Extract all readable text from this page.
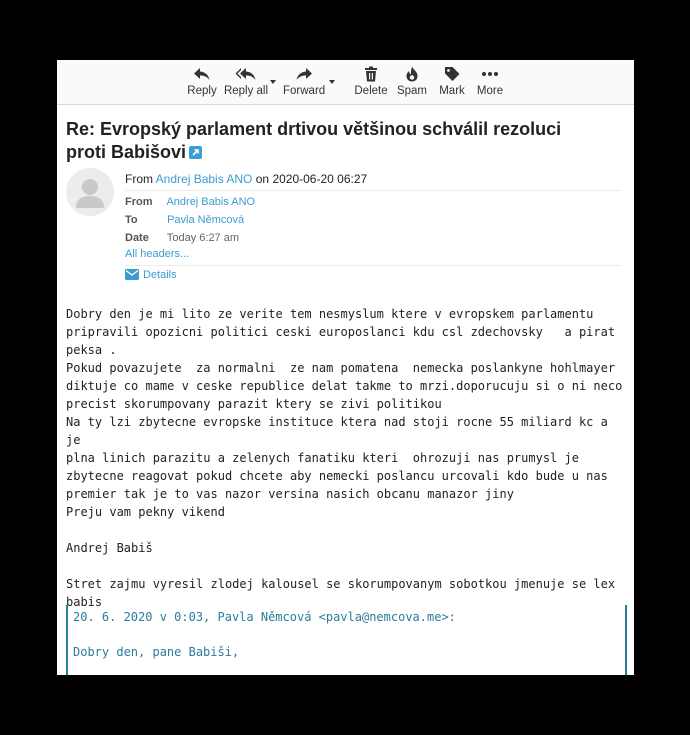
Reply Reply all Forward	Delete Spam	Mark	More
Re: Evropský parlament drtivou většinou schválil rezoluci proti Babišovi
From Andrej Babis ANO on 2020-06-20 06:27
From Andrej Babis ANO
To	Pavla Němcová
Date Today 6:27 am
All headers...
Details
Dobry den je mi lito ze verite tem nesmyslum ktere v evropskem parlamentu
pripravili opozicni politici ceski europoslanci kdu csl zdechovsky   a pirat
peksa .
Pokud povazujete  za normalni  ze nam pomatena  nemecka poslankyne hohlmayer
diktuje co mame v ceske republice delat takme to mrzi.doporucuju si o ni neco
precist skorumpovany parazit ktery se zivi politikou
Na ty lzi zbytecne evropske instituce ktera nad stoji rocne 55 miliard kc a je
plna linich parazitu a zelenych fanatiku kteri  ohrozuji nas prumysl je
zbytecne reagovat pokud chcete aby nemecki poslancu urcovali kdo bude u nas
premier tak je to vas nazor versina nasich obcanu manazor jiny
Preju vam pekny vikend

Andrej Babiš

Stret zajmu vyresil zlodej kalousel se skorumpovanym sobotkou jmenuje se lex
babis
20. 6. 2020 v 0:03, Pavla Němcová <pavla@nemcova.me>:
Dobry den, pane Babiši,
